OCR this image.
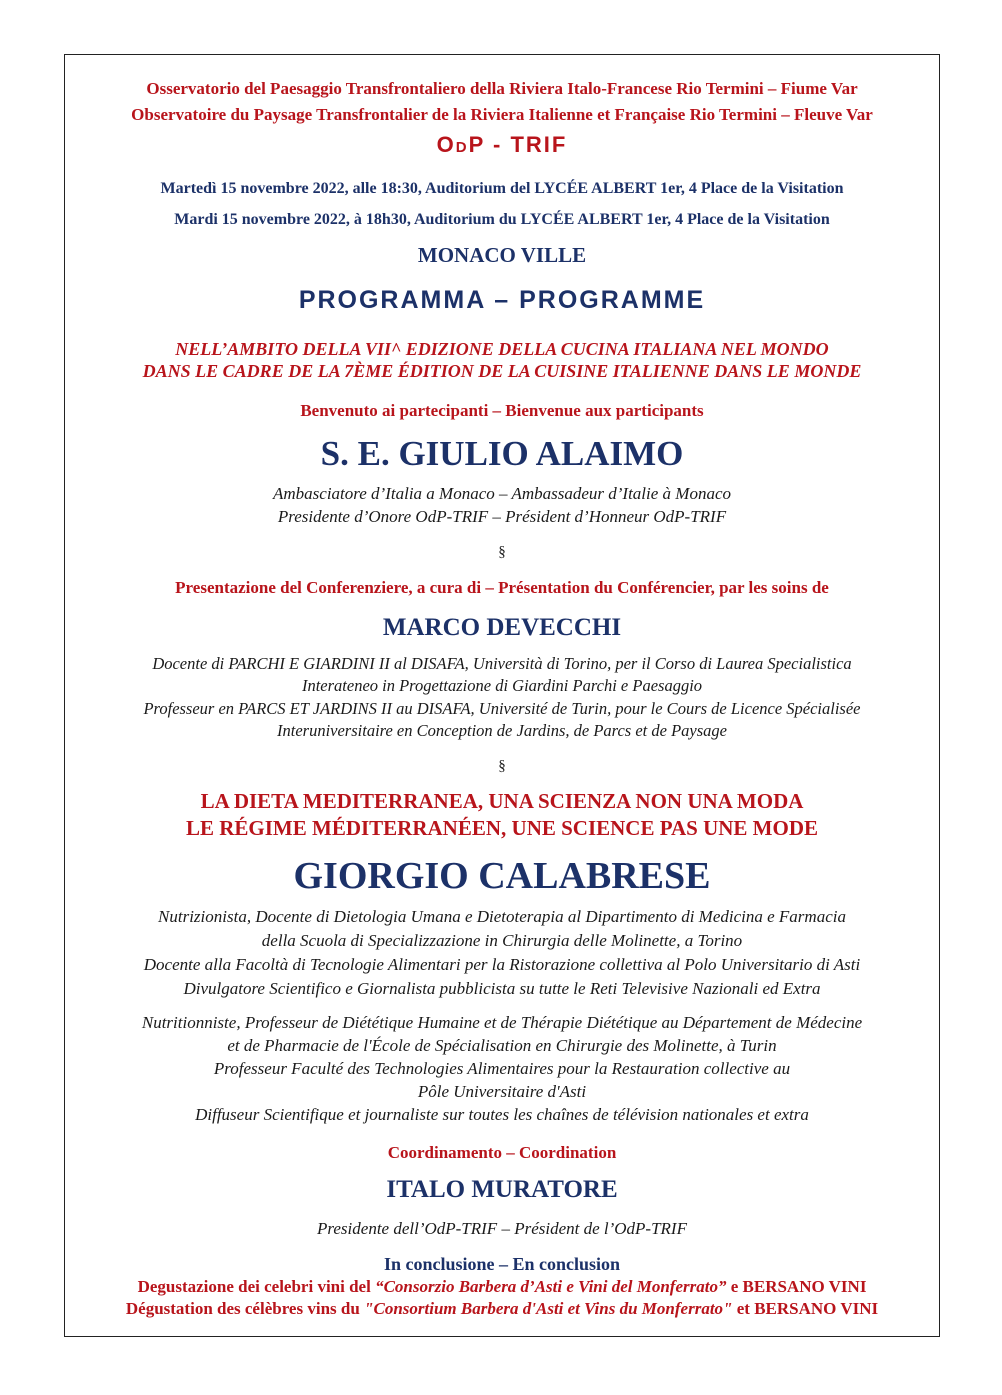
Osservatorio del Paesaggio Transfrontaliero della Riviera Italo-Francese Rio Termini – Fiume Var

Observatoire du Paysage Transfrontalier de la Riviera Italienne et Française Rio Termini – Fleuve Var

OdP - TRIF

Martedì 15 novembre 2022, alle 18:30, Auditorium del LYCÉE ALBERT 1er, 4 Place de la Visitation

Mardi 15 novembre 2022, à 18h30, Auditorium du LYCÉE ALBERT 1er, 4 Place de la Visitation

MONACO VILLE

PROGRAMMA – PROGRAMME

NELL’AMBITO DELLA VII^ EDIZIONE DELLA CUCINA ITALIANA NEL MONDO

DANS LE CADRE DE LA 7ÈME ÉDITION DE LA CUISINE ITALIENNE DANS LE MONDE

Benvenuto ai partecipanti – Bienvenue aux participants

S. E. GIULIO ALAIMO

Ambasciatore d’Italia a Monaco – Ambassadeur d’Italie à Monaco

Presidente d’Onore OdP-TRIF – Président d’Honneur OdP-TRIF

§

Presentazione del Conferenziere, a cura di – Présentation du Conférencier, par les soins de

MARCO DEVECCHI

Docente di PARCHI E GIARDINI II al DISAFA, Università di Torino, per il Corso di Laurea Specialistica

Interateneo in Progettazione di Giardini Parchi e Paesaggio

Professeur en PARCS ET JARDINS II au DISAFA, Université de Turin, pour le Cours de Licence Spécialisée

Interuniversitaire en Conception de Jardins, de Parcs et de Paysage

§

LA DIETA MEDITERRANEA, UNA SCIENZA NON UNA MODA

LE RÉGIME MÉDITERRANÉEN, UNE SCIENCE PAS UNE MODE

GIORGIO CALABRESE

Nutrizionista, Docente di Dietologia Umana e Dietoterapia al Dipartimento di Medicina e Farmacia

della Scuola di Specializzazione in Chirurgia delle Molinette, a Torino

Docente alla Facoltà di Tecnologie Alimentari per la Ristorazione collettiva al Polo Universitario di Asti

Divulgatore Scientifico e Giornalista pubblicista su tutte le Reti Televisive Nazionali ed Extra

Nutritionniste, Professeur de Diététique Humaine et de Thérapie Diététique au Département de Médecine

et de Pharmacie de l'École de Spécialisation en Chirurgie des Molinette, à Turin

Professeur Faculté des Technologies Alimentaires pour la Restauration collective au

Pôle Universitaire d'Asti

Diffuseur Scientifique et journaliste sur toutes les chaînes de télévision nationales et extra

Coordinamento – Coordination

ITALO MURATORE

Presidente dell’OdP-TRIF – Président de l’OdP-TRIF

In conclusione – En conclusion

Degustazione dei celebri vini del “Consorzio Barbera d’Asti e Vini del Monferrato” e BERSANO VINI

Dégustation des célèbres vins du "Consortium Barbera d'Asti et Vins du Monferrato" et BERSANO VINI
